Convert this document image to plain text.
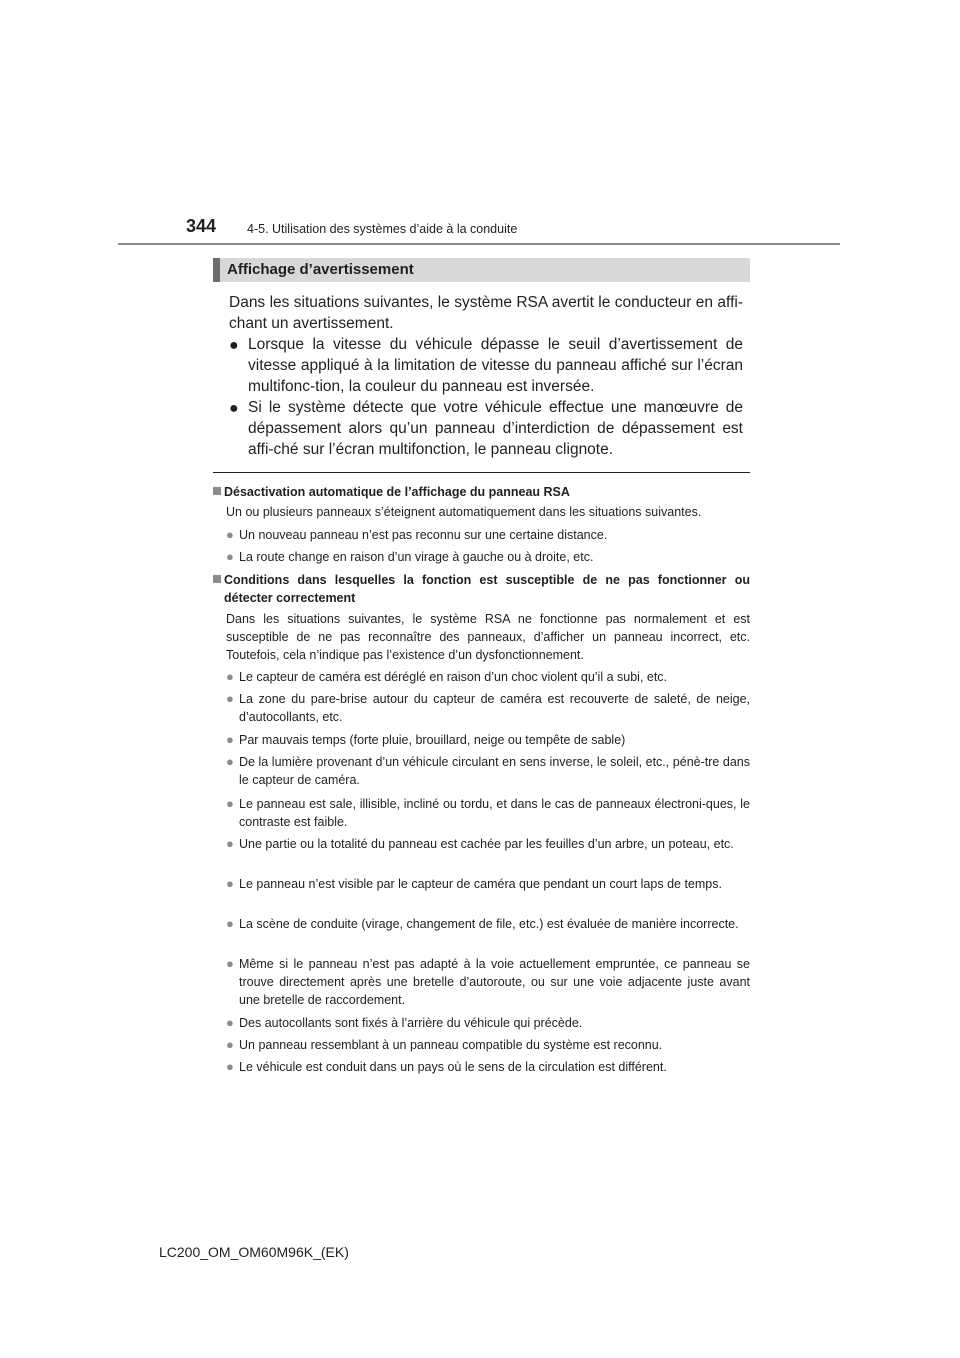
344 4-5. Utilisation des systèmes d’aide à la conduite
Affichage d’avertissement
Dans les situations suivantes, le système RSA avertit le conducteur en affi-chant un avertissement.
● Lorsque la vitesse du véhicule dépasse le seuil d’avertissement de vitesse appliqué à la limitation de vitesse du panneau affiché sur l’écran multifonc-tion, la couleur du panneau est inversée.
● Si le système détecte que votre véhicule effectue une manœuvre de dépassement alors qu’un panneau d’interdiction de dépassement est affi-ché sur l’écran multifonction, le panneau clignote.
Désactivation automatique de l’affichage du panneau RSA
Un ou plusieurs panneaux s’éteignent automatiquement dans les situations suivantes.
● Un nouveau panneau n’est pas reconnu sur une certaine distance.
● La route change en raison d’un virage à gauche ou à droite, etc.
Conditions dans lesquelles la fonction est susceptible de ne pas fonctionner ou détecter correctement
Dans les situations suivantes, le système RSA ne fonctionne pas normalement et est susceptible de ne pas reconnaître des panneaux, d’afficher un panneau incorrect, etc. Toutefois, cela n’indique pas l’existence d’un dysfonctionnement.
● Le capteur de caméra est déréglé en raison d’un choc violent qu’il a subi, etc.
● La zone du pare-brise autour du capteur de caméra est recouverte de saleté, de neige, d’autocollants, etc.
● Par mauvais temps (forte pluie, brouillard, neige ou tempête de sable)
● De la lumière provenant d’un véhicule circulant en sens inverse, le soleil, etc., pénè-tre dans le capteur de caméra.
● Le panneau est sale, illisible, incliné ou tordu, et dans le cas de panneaux électroni-ques, le contraste est faible.
● Une partie ou la totalité du panneau est cachée par les feuilles d’un arbre, un poteau, etc.
● Le panneau n’est visible par le capteur de caméra que pendant un court laps de temps.
● La scène de conduite (virage, changement de file, etc.) est évaluée de manière incorrecte.
● Même si le panneau n’est pas adapté à la voie actuellement empruntée, ce panneau se trouve directement après une bretelle d’autoroute, ou sur une voie adjacente juste avant une bretelle de raccordement.
● Des autocollants sont fixés à l’arrière du véhicule qui précède.
● Un panneau ressemblant à un panneau compatible du système est reconnu.
● Le véhicule est conduit dans un pays où le sens de la circulation est différent.
LC200_OM_OM60M96K_(EK)
